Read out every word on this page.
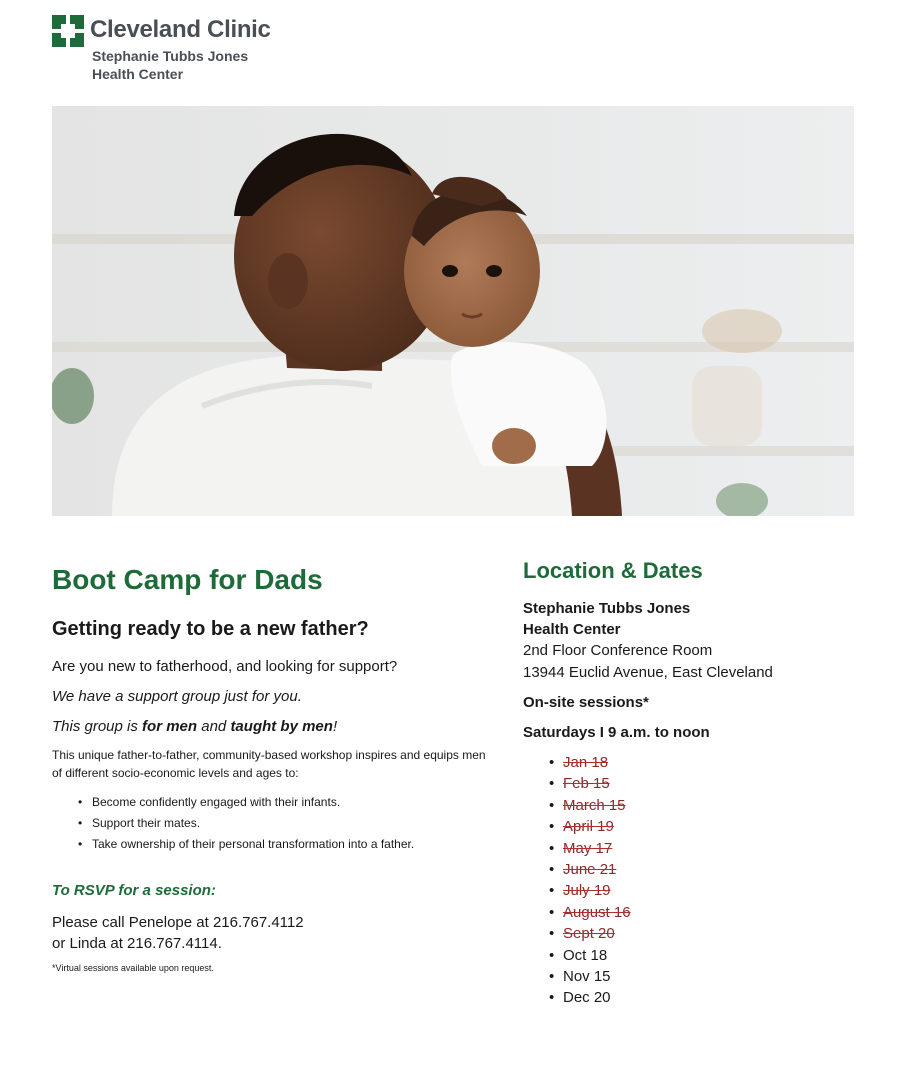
Cleveland Clinic
Stephanie Tubbs Jones
Health Center
Boot Camp for Dads
Getting ready to be a new father?
Are you new to fatherhood, and looking for support?
We have a support group just for you.
This group is for men and taught by men!
This unique father-to-father, community-based workshop inspires and equips men of different socio-economic levels and ages to:
• Become confidently engaged with their infants.
• Support their mates.
• Take ownership of their personal transformation into a father.
To RSVP for a session:
Please call Penelope at 216.767.4112
or Linda at 216.767.4114.
*Virtual sessions available upon request.
Location & Dates
Stephanie Tubbs Jones
Health Center
2nd Floor Conference Room
13944 Euclid Avenue, East Cleveland
On-site sessions*
Saturdays I 9 a.m. to noon
• Jan 18
• Feb 15
• March 15
• April 19
• May 17
• June 21
• July 19
• August 16
• Sept 20
• Oct 18
• Nov 15
• Dec 20
